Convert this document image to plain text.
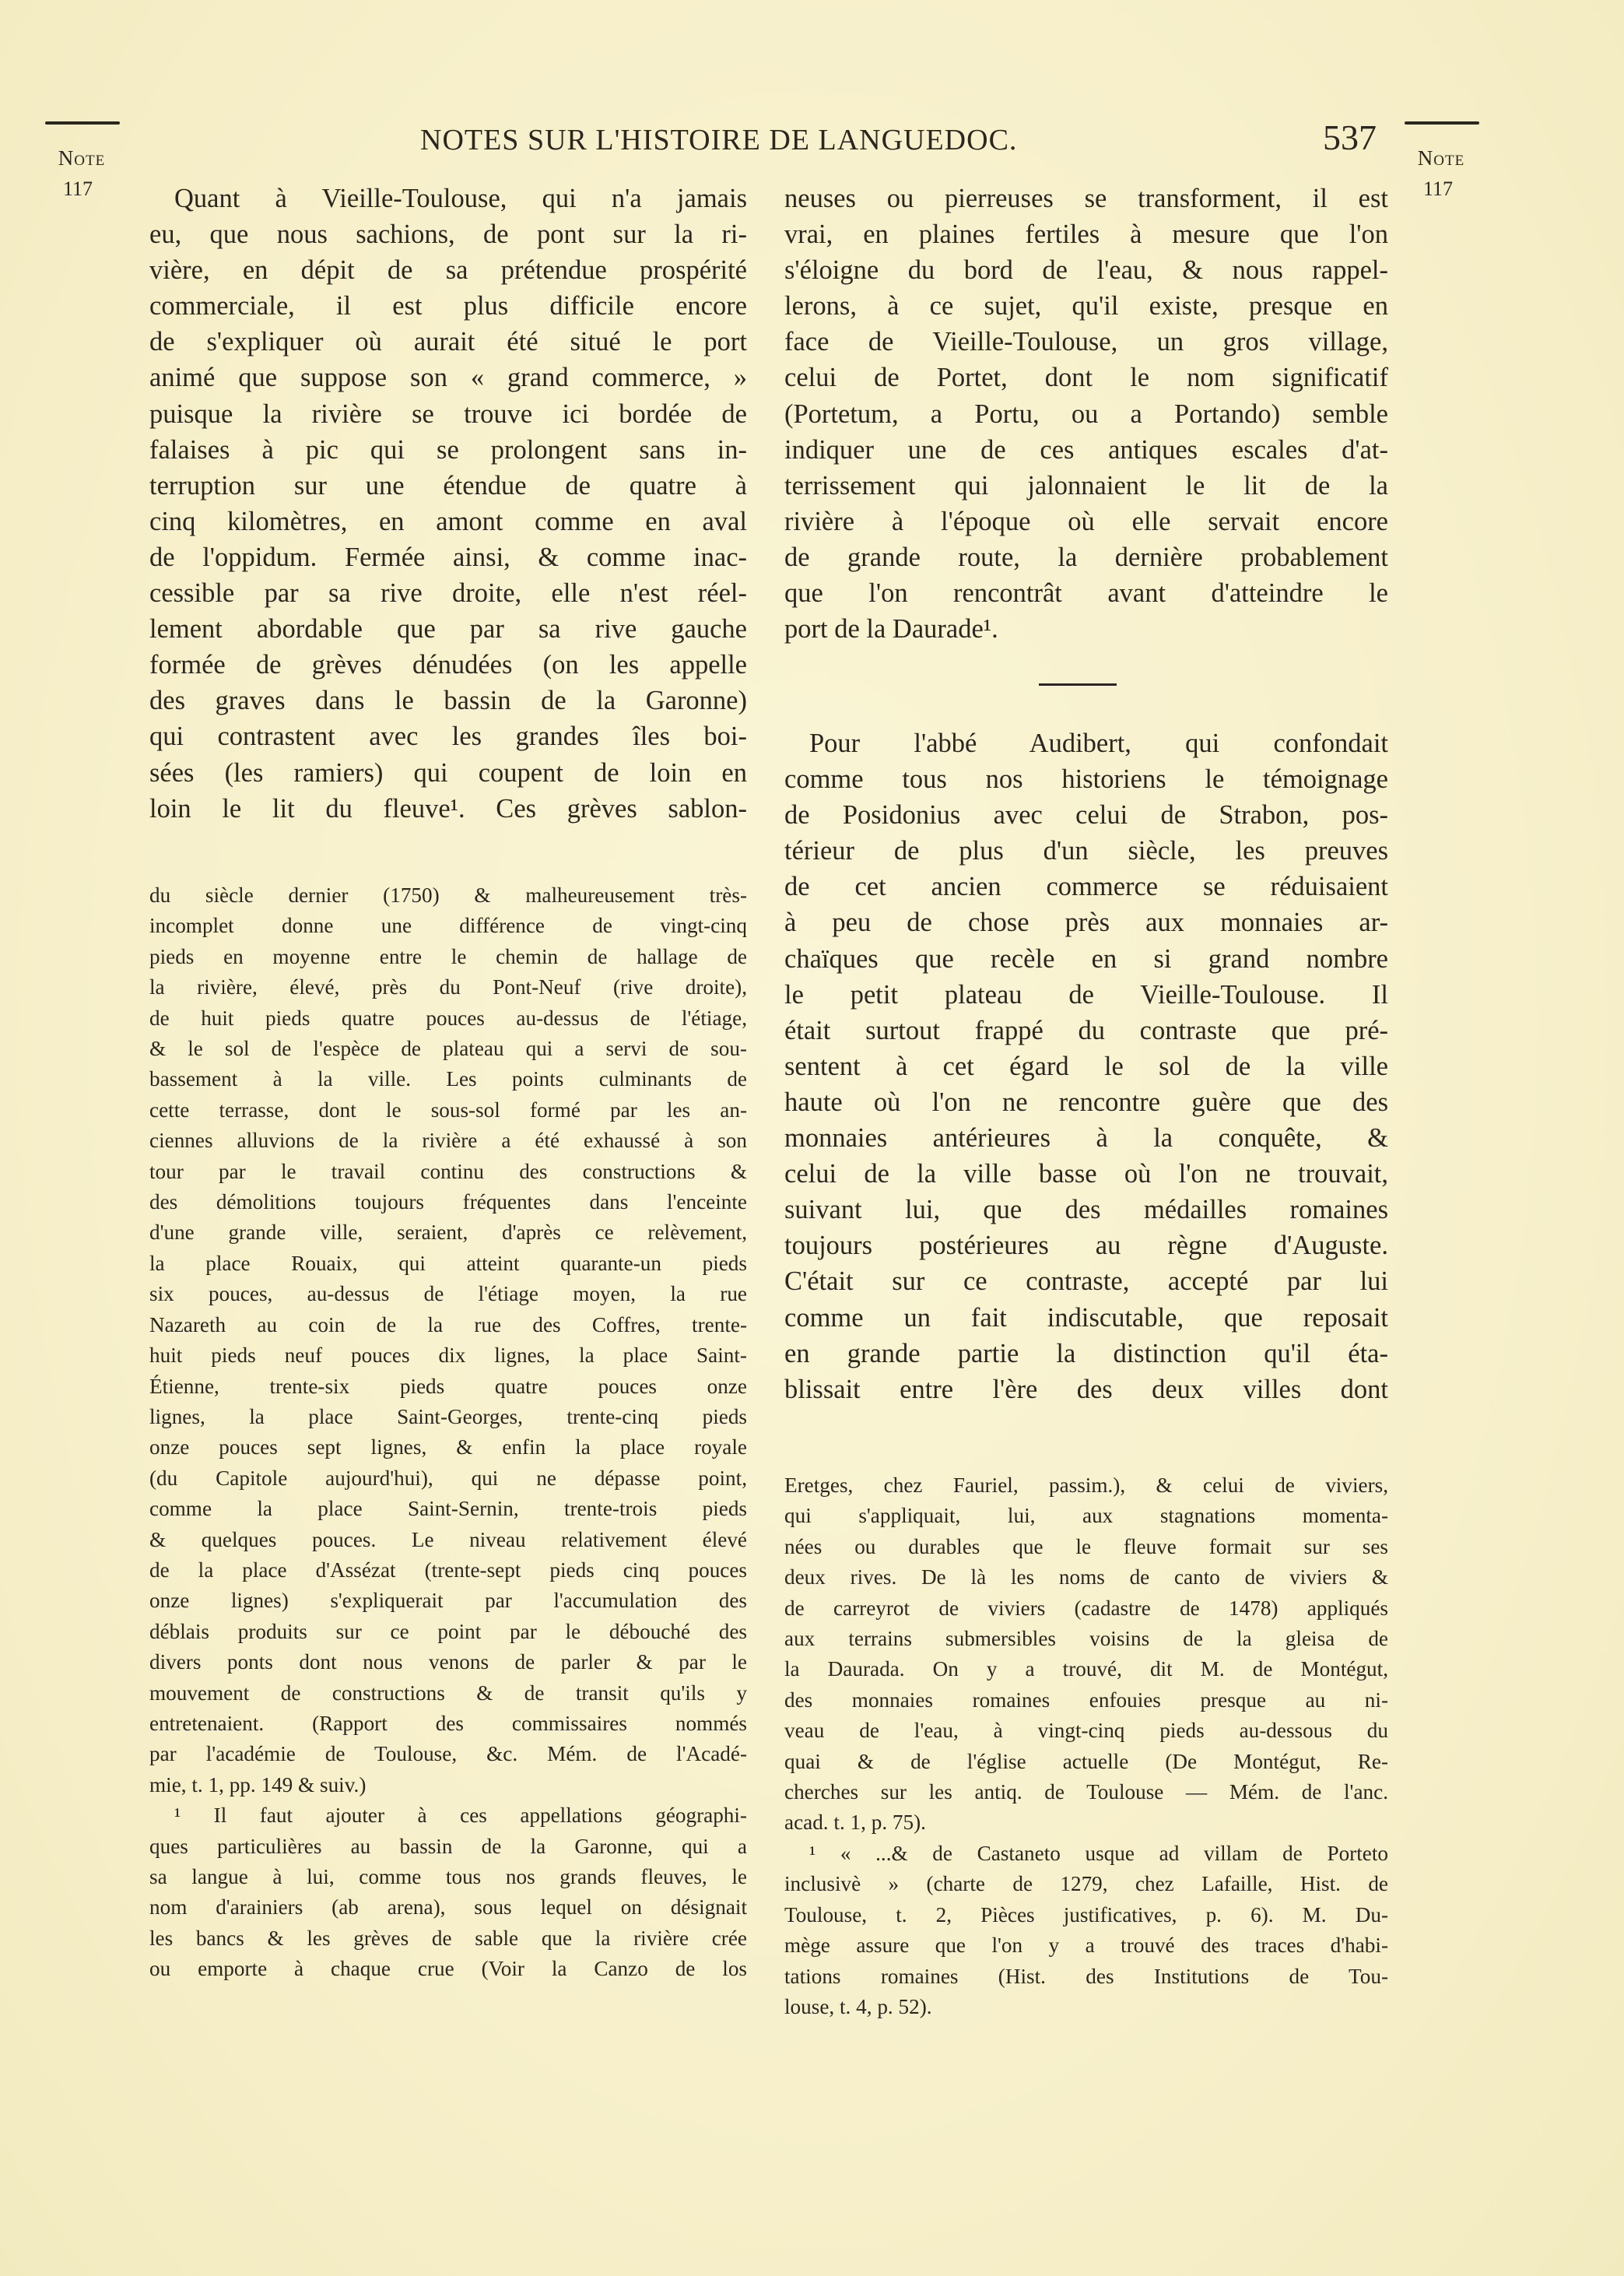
Note
117
NOTES SUR L'HISTOIRE DE LANGUEDOC.	537
Note
117
Quant à Vieille-Toulouse, qui n'a jamais
eu, que nous sachions, de pont sur la ri-
vière, en dépit de sa prétendue prospérité
commerciale, il est plus difficile encore
de s'expliquer où aurait été situé le port
animé que suppose son « grand commerce, »
puisque la rivière se trouve ici bordée de
falaises à pic qui se prolongent sans in-
terruption sur une étendue de quatre à
cinq kilomètres, en amont comme en aval
de l'oppidum. Fermée ainsi, & comme inac-
cessible par sa rive droite, elle n'est réel-
lement abordable que par sa rive gauche
formée de grèves dénudées (on les appelle
des graves dans le bassin de la Garonne)
qui contrastent avec les grandes îles boi-
sées (les ramiers) qui coupent de loin en
loin le lit du fleuve¹. Ces grèves sablon-
du siècle dernier (1750) & malheureusement très-
incomplet donne une différence de vingt-cinq
pieds en moyenne entre le chemin de hallage de
la rivière, élevé, près du Pont-Neuf (rive droite),
de huit pieds quatre pouces au-dessus de l'étiage,
& le sol de l'espèce de plateau qui a servi de sou-
bassement à la ville. Les points culminants de
cette terrasse, dont le sous-sol formé par les an-
ciennes alluvions de la rivière a été exhaussé à son
tour par le travail continu des constructions &
des démolitions toujours fréquentes dans l'enceinte
d'une grande ville, seraient, d'après ce relèvement,
la place Rouaix, qui atteint quarante-un pieds
six pouces, au-dessus de l'étiage moyen, la rue
Nazareth au coin de la rue des Coffres, trente-
huit pieds neuf pouces dix lignes, la place Saint-
Étienne, trente-six pieds quatre pouces onze
lignes, la place Saint-Georges, trente-cinq pieds
onze pouces sept lignes, & enfin la place royale
(du Capitole aujourd'hui), qui ne dépasse point,
comme la place Saint-Sernin, trente-trois pieds
& quelques pouces. Le niveau relativement élevé
de la place d'Assézat (trente-sept pieds cinq pouces
onze lignes) s'expliquerait par l'accumulation des
déblais produits sur ce point par le débouché des
divers ponts dont nous venons de parler & par le
mouvement de constructions & de transit qu'ils y
entretenaient. (Rapport des commissaires nommés
par l'académie de Toulouse, &c. Mém. de l'Acadé-
mie, t. 1, pp. 149 & suiv.)
¹ Il faut ajouter à ces appellations géographi-
ques particulières au bassin de la Garonne, qui a
sa langue à lui, comme tous nos grands fleuves, le
nom d'arainiers (ab arena), sous lequel on désignait
les bancs & les grèves de sable que la rivière crée
ou emporte à chaque crue (Voir la Canzo de los
neuses ou pierreuses se transforment, il est
vrai, en plaines fertiles à mesure que l'on
s'éloigne du bord de l'eau, & nous rappel-
lerons, à ce sujet, qu'il existe, presque en
face de Vieille-Toulouse, un gros village,
celui de Portet, dont le nom significatif
(Portetum, a Portu, ou a Portando) semble
indiquer une de ces antiques escales d'at-
terrissement qui jalonnaient le lit de la
rivière à l'époque où elle servait encore
de grande route, la dernière probablement
que l'on rencontrât avant d'atteindre le
port de la Daurade¹.
Pour l'abbé Audibert, qui confondait
comme tous nos historiens le témoignage
de Posidonius avec celui de Strabon, pos-
térieur de plus d'un siècle, les preuves
de cet ancien commerce se réduisaient
à peu de chose près aux monnaies ar-
chaïques que recèle en si grand nombre
le petit plateau de Vieille-Toulouse. Il
était surtout frappé du contraste que pré-
sentent à cet égard le sol de la ville
haute où l'on ne rencontre guère que des
monnaies antérieures à la conquête, &
celui de la ville basse où l'on ne trouvait,
suivant lui, que des médailles romaines
toujours postérieures au règne d'Auguste.
C'était sur ce contraste, accepté par lui
comme un fait indiscutable, que reposait
en grande partie la distinction qu'il éta-
blissait entre l'ère des deux villes dont
Eretges, chez Fauriel, passim.), & celui de viviers,
qui s'appliquait, lui, aux stagnations momenta-
nées ou durables que le fleuve formait sur ses
deux rives. De là les noms de canto de viviers &
de carreyrot de viviers (cadastre de 1478) appliqués
aux terrains submersibles voisins de la gleisa de
la Daurada. On y a trouvé, dit M. de Montégut,
des monnaies romaines enfouies presque au ni-
veau de l'eau, à vingt-cinq pieds au-dessous du
quai & de l'église actuelle (De Montégut, Re-
cherches sur les antiq. de Toulouse — Mém. de l'anc.
acad. t. 1, p. 75).
¹ « ...& de Castaneto usque ad villam de Porteto
inclusivè » (charte de 1279, chez Lafaille, Hist. de
Toulouse, t. 2, Pièces justificatives, p. 6). M. Du-
mège assure que l'on y a trouvé des traces d'habi-
tations romaines (Hist. des Institutions de Tou-
louse, t. 4, p. 52).
